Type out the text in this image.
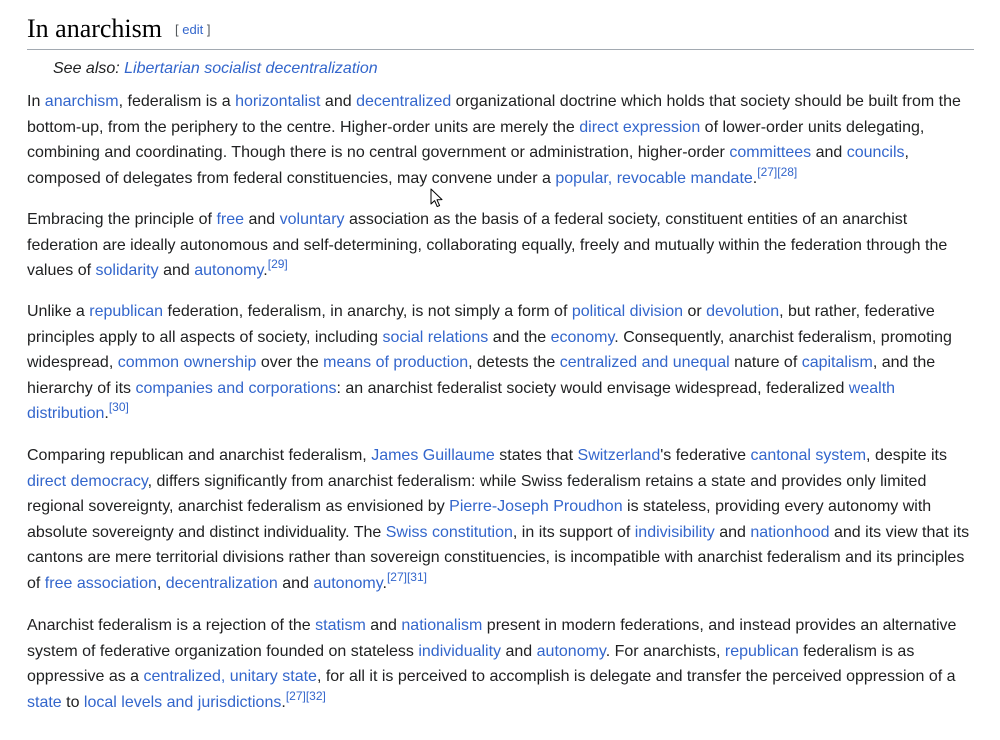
In anarchism [ edit ]
See also: Libertarian socialist decentralization
In anarchism, federalism is a horizontalist and decentralized organizational doctrine which holds that society should be built from the
bottom-up, from the periphery to the centre. Higher-order units are merely the direct expression of lower-order units delegating,
combining and coordinating. Though there is no central government or administration, higher-order committees and councils,
composed of delegates from federal constituencies, may convene under a popular, revocable mandate.[27][28]
Embracing the principle of free and voluntary association as the basis of a federal society, constituent entities of an anarchist
federation are ideally autonomous and self-determining, collaborating equally, freely and mutually within the federation through the
values of solidarity and autonomy.[29]
Unlike a republican federation, federalism, in anarchy, is not simply a form of political division or devolution, but rather, federative
principles apply to all aspects of society, including social relations and the economy. Consequently, anarchist federalism, promoting
widespread, common ownership over the means of production, detests the centralized and unequal nature of capitalism, and the
hierarchy of its companies and corporations: an anarchist federalist society would envisage widespread, federalized wealth
distribution.[30]
Comparing republican and anarchist federalism, James Guillaume states that Switzerland's federative cantonal system, despite its
direct democracy, differs significantly from anarchist federalism: while Swiss federalism retains a state and provides only limited
regional sovereignty, anarchist federalism as envisioned by Pierre-Joseph Proudhon is stateless, providing every autonomy with
absolute sovereignty and distinct individuality. The Swiss constitution, in its support of indivisibility and nationhood and its view that its
cantons are mere territorial divisions rather than sovereign constituencies, is incompatible with anarchist federalism and its principles
of free association, decentralization and autonomy.[27][31]
Anarchist federalism is a rejection of the statism and nationalism present in modern federations, and instead provides an alternative
system of federative organization founded on stateless individuality and autonomy. For anarchists, republican federalism is as
oppressive as a centralized, unitary state, for all it is perceived to accomplish is delegate and transfer the perceived oppression of a
state to local levels and jurisdictions.[27][32]
